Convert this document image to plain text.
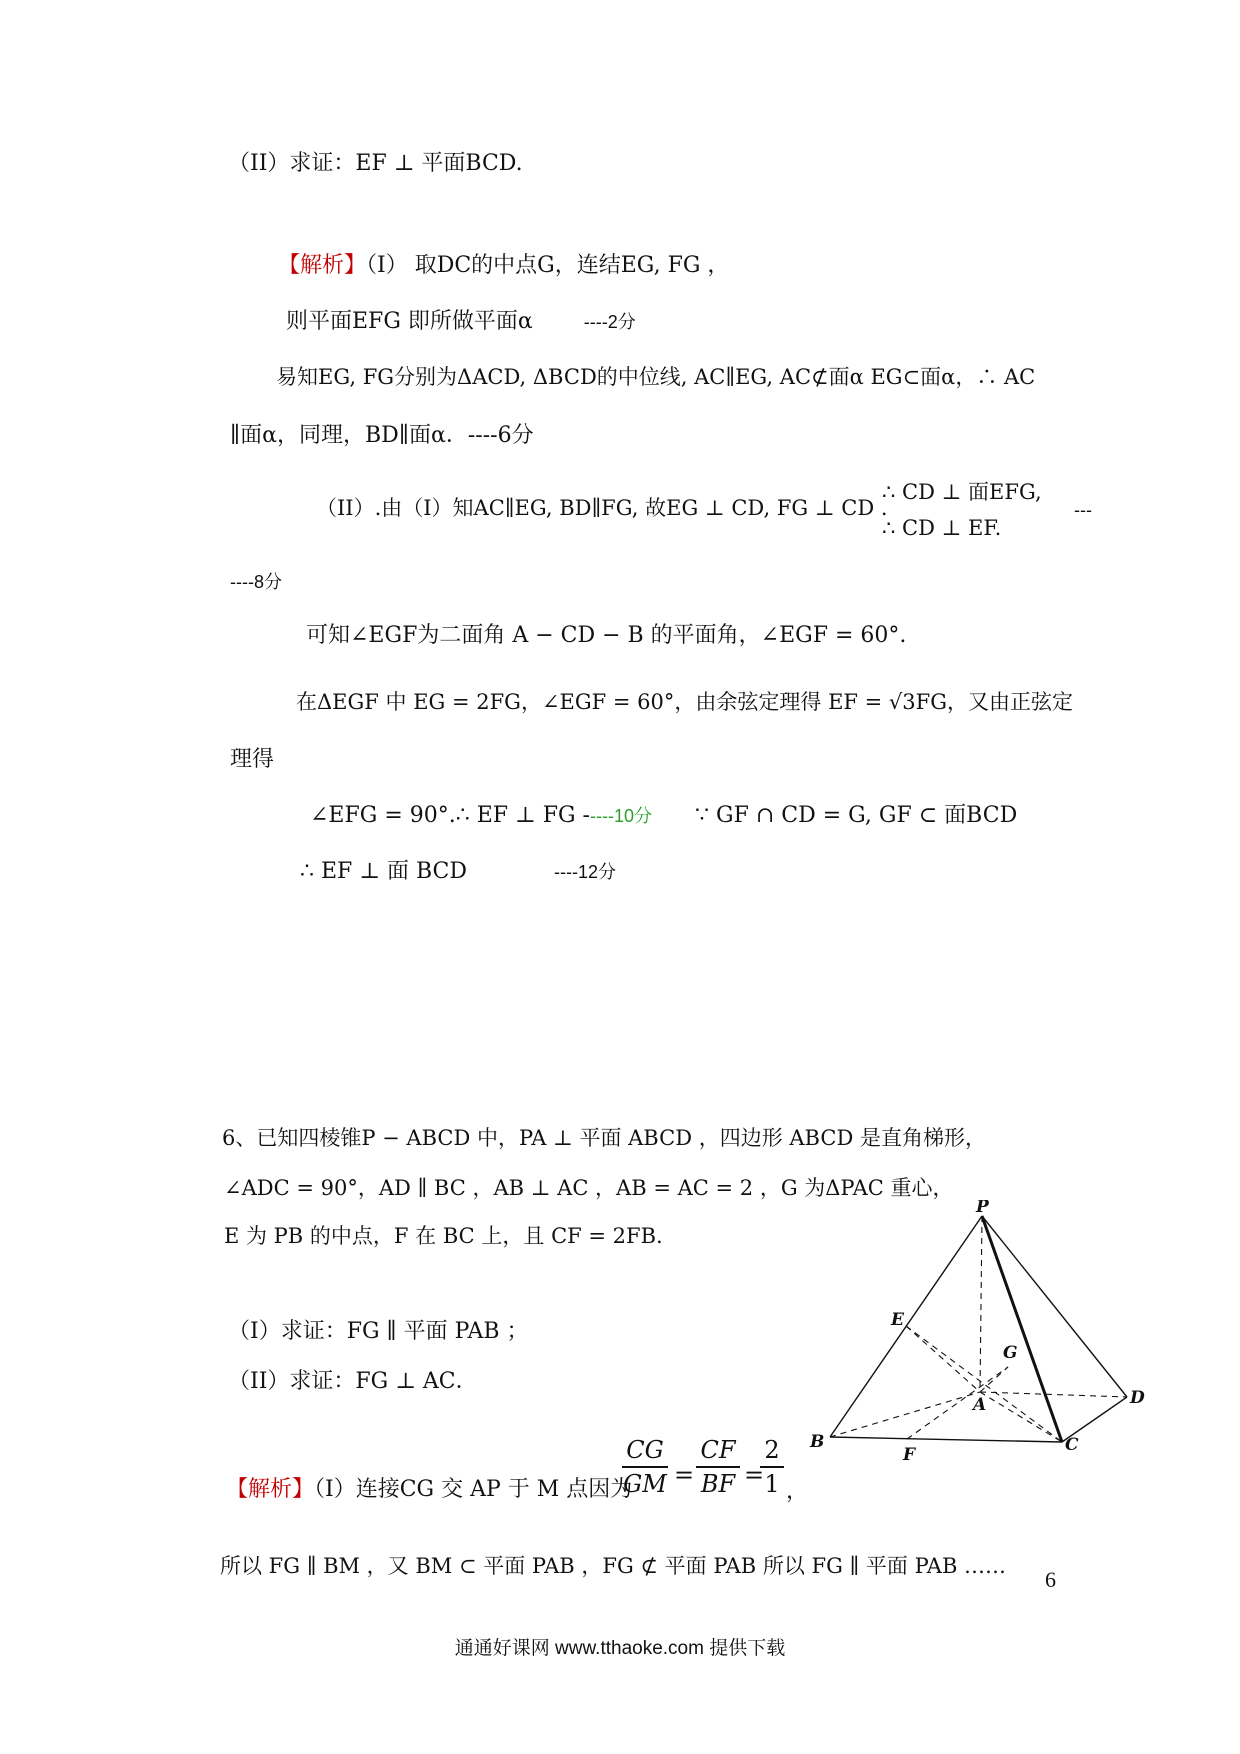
（II）求证：EF ⊥ 平面BCD.
【解析】（I） 取DC的中点G，连结EG, FG ，
则平面EFG 即所做平面α	----2分
易知EG, FG分别为ΔACD, ΔBCD的中位线, AC∥EG, AC⊄面α EG⊂面α，∴ AC
∥面α，同理，BD∥面α．----6分
（II）.由（I）知AC∥EG, BD∥FG, 故EG ⊥ CD, FG ⊥ CD .
∴ CD ⊥ 面EFG,
∴ CD ⊥ EF.
---
----8分
可知∠EGF为二面角 A − CD − B 的平面角，∠EGF = 60°.
在ΔEGF 中 EG = 2FG，∠EGF = 60°，由余弦定理得 EF = √3FG，又由正弦定
理得
∠EFG = 90°.∴ EF ⊥ FG -----10分 ∵ GF ∩ CD = G, GF ⊂ 面BCD
∴ EF ⊥ 面 BCD	----12分
6、已知四棱锥P − ABCD 中，PA ⊥ 平面 ABCD ，四边形 ABCD 是直角梯形，
∠ADC = 90°，AD ∥ BC ，AB ⊥ AC ，AB = AC = 2 ，G 为ΔPAC 重心，
E 为 PB 的中点，F 在 BC 上，且 CF = 2FB.
（I）求证：FG ∥ 平面 PAB ；
（II）求证：FG ⊥ AC．
【解析】（I）连接CG 交 AP 于 M 点因为
CG
GM =
CF
BF =
2
1 ，
所以 FG ∥ BM ，又 BM ⊂ 平面 PAB ，FG ⊄ 平面 PAB 所以 FG ∥ 平面 PAB ……
P
E
G
A	D
B
F	C
6
通通好课网 www.tthaoke.com 提供下载
